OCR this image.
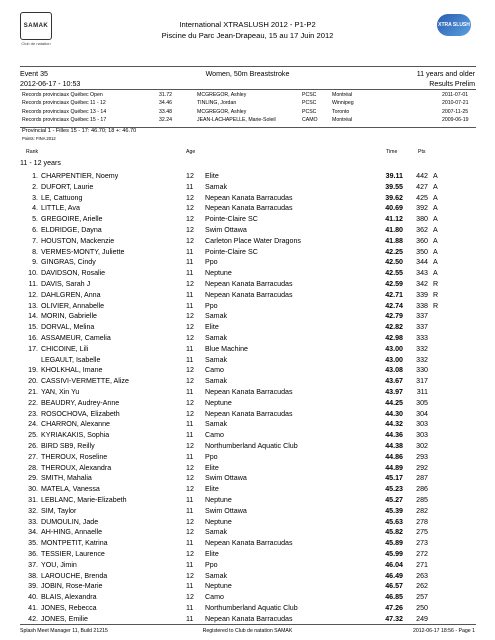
SAMAK
Club de natation
XTRA SLUSH
International XTRASLUSH 2012 - P1-P2
Piscine du Parc Jean-Drapeau, 15 au 17 Juin 2012
Event 35	Women, 50m Breaststroke	11 years and older
2012-06-17 - 10:53	Results Prelim
Records provinciaux Québec Open	31.72	MCGREGOR, Ashley	PCSC	Montréal	2011-07-01
Records provinciaux Québec 11 - 12	34.46	TINLING, Jordan	PCSC	Winnipeg	2010-07-21
Records provinciaux Québec 13 - 14	33.48	MCGREGOR, Ashley	PCSC	Toronto	2007-11-25
Records provinciaux Québec 15 - 17	32.24	JEAN-LACHAPELLE, Marie-Soleil	CAMO	Montréal	2009-06-19
Provincial 1 - Filles 15 - 17: 46.70; 18 +: 46.70
Points: FINA 2012
Rank	Age	Time	Pts
11 - 12 years
1. CHARPENTIER, Noemy	12 Elite	39.11	442 A
2. DUFORT, Laurie	11 Samak	39.55	427 A
3. LE, Cattuong	12 Nepean Kanata Barracudas	39.62	425 A
4. LITTLE, Ava	12 Nepean Kanata Barracudas	40.69	392 A
5. GREGOIRE, Arielle	12 Pointe-Claire SC	41.12	380 A
6. ELDRIDGE, Dayna	12 Swim Ottawa	41.80	362 A
7. HOUSTON, Mackenzie	12 Carleton Place Water Dragons	41.88	360 A
8. VERMES-MONTY, Juliette	11 Pointe-Claire SC	42.25	350 A
9. GINGRAS, Cindy	11 Ppo	42.50	344 A
10. DAVIDSON, Rosalie	11 Neptune	42.55	343 A
11. DAVIS, Sarah J	12 Nepean Kanata Barracudas	42.59	342 R
12. DAHLGREN, Anna	11 Nepean Kanata Barracudas	42.71	339 R
13. OLIVIER, Annabelle	11 Ppo	42.74	338 R
14. MORIN, Gabrielle	12 Samak	42.79	337
15. DORVAL, Melina	12 Elite	42.82	337
16. ASSAMEUR, Camelia	12 Samak	42.98	333
17. CHICOINE, Lili	11 Blue Machine	43.00	332
LEGAULT, Isabelle	11 Samak	43.00	332
19. KHOLKHAL, Imane	12 Camo	43.08	330
20. CASSIVI-VERMETTE, Alize	12 Samak	43.67	317
21. YAN, Xin Yu	11 Nepean Kanata Barracudas	43.97	311
22. BEAUDRY, Audrey-Anne	12 Neptune	44.25	305
23. ROSOCHOVA, Elizabeth	12 Nepean Kanata Barracudas	44.30	304
24. CHARRON, Alexanne	11 Samak	44.32	303
25. KYRIAKAKIS, Sophia	11 Camo	44.36	303
26. BIRD SB9, Reilly	12 Northumberland Aquatic Club	44.38	302
27. THEROUX, Roseline	11 Ppo	44.86	293
28. THEROUX, Alexandra	12 Elite	44.89	292
29. SMITH, Mahalia	12 Swim Ottawa	45.17	287
30. MATELA, Vanessa	12 Elite	45.23	286
31. LEBLANC, Marie-Elizabeth	11 Neptune	45.27	285
32. SIM, Taylor	11 Swim Ottawa	45.39	282
33. DUMOULIN, Jade	12 Neptune	45.63	278
34. AH-HING, Annaelle	12 Samak	45.82	275
35. MONTPETIT, Katrina	11 Nepean Kanata Barracudas	45.89	273
36. TESSIER, Laurence	12 Elite	45.99	272
37. YOU, Jimin	11 Ppo	46.04	271
38. LAROUCHE, Brenda	12 Samak	46.49	263
39. JOBIN, Rose-Marie	11 Neptune	46.57	262
40. BLAIS, Alexandra	12 Camo	46.85	257
41. JONES, Rebecca	11 Northumberland Aquatic Club	47.26	250
42. JONES, Emilie	11 Nepean Kanata Barracudas	47.32	249
Splash Meet Manager 11, Build 21215	Registered to Club de natation SAMAK	2012-06-17 18:56 - Page 1
